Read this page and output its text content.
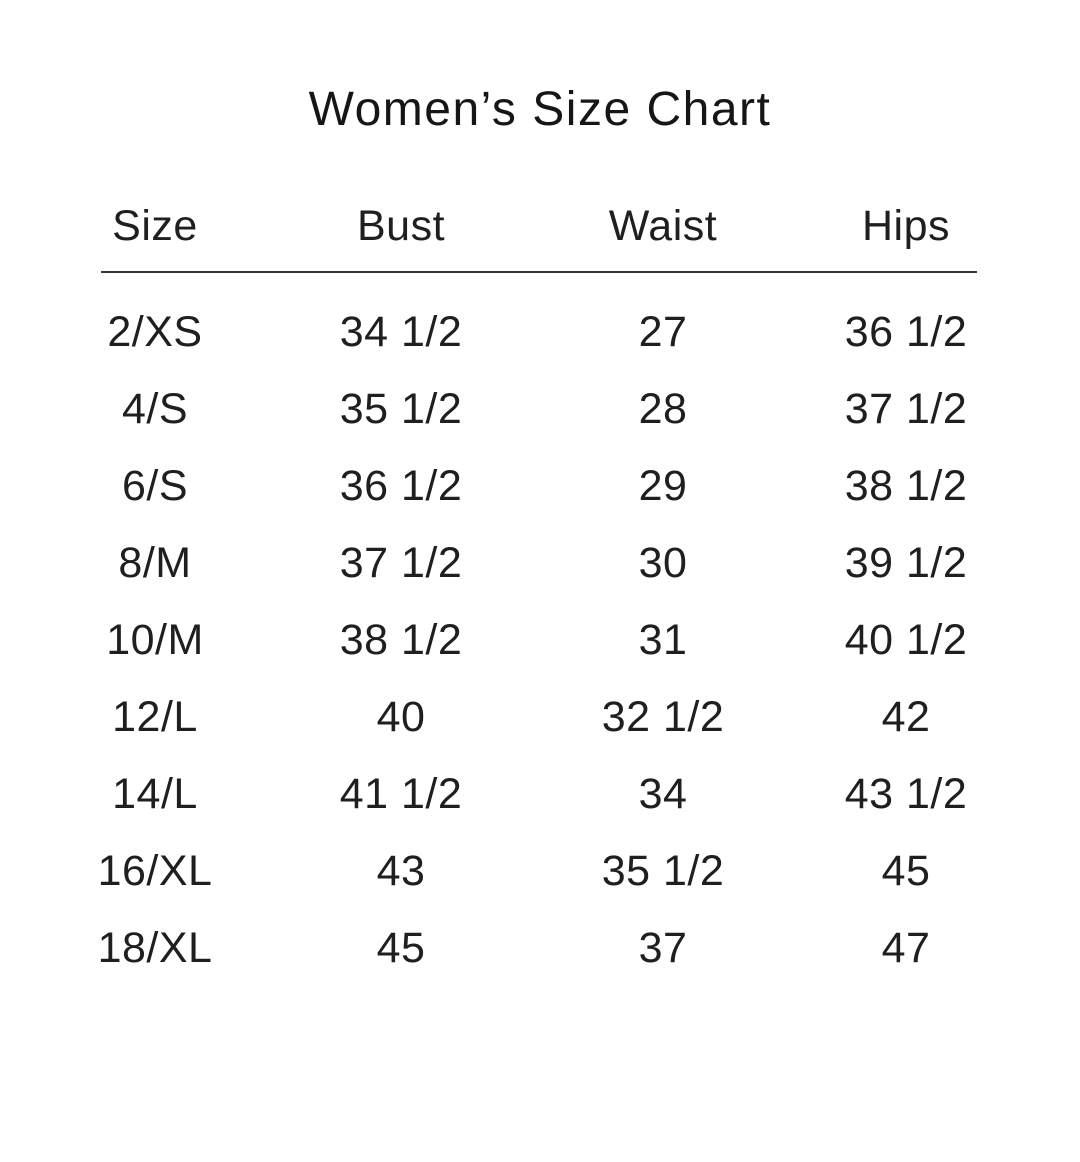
Women’s Size Chart
Size	Bust	Waist	Hips
2/XS	34 1/2	27	36 1/2
4/S	35 1/2	28	37 1/2
6/S	36 1/2	29	38 1/2
8/M	37 1/2	30	39 1/2
10/M	38 1/2	31	40 1/2
12/L	40	32 1/2	42
14/L	41 1/2	34	43 1/2
16/XL	43	35 1/2	45
18/XL	45	37	47
